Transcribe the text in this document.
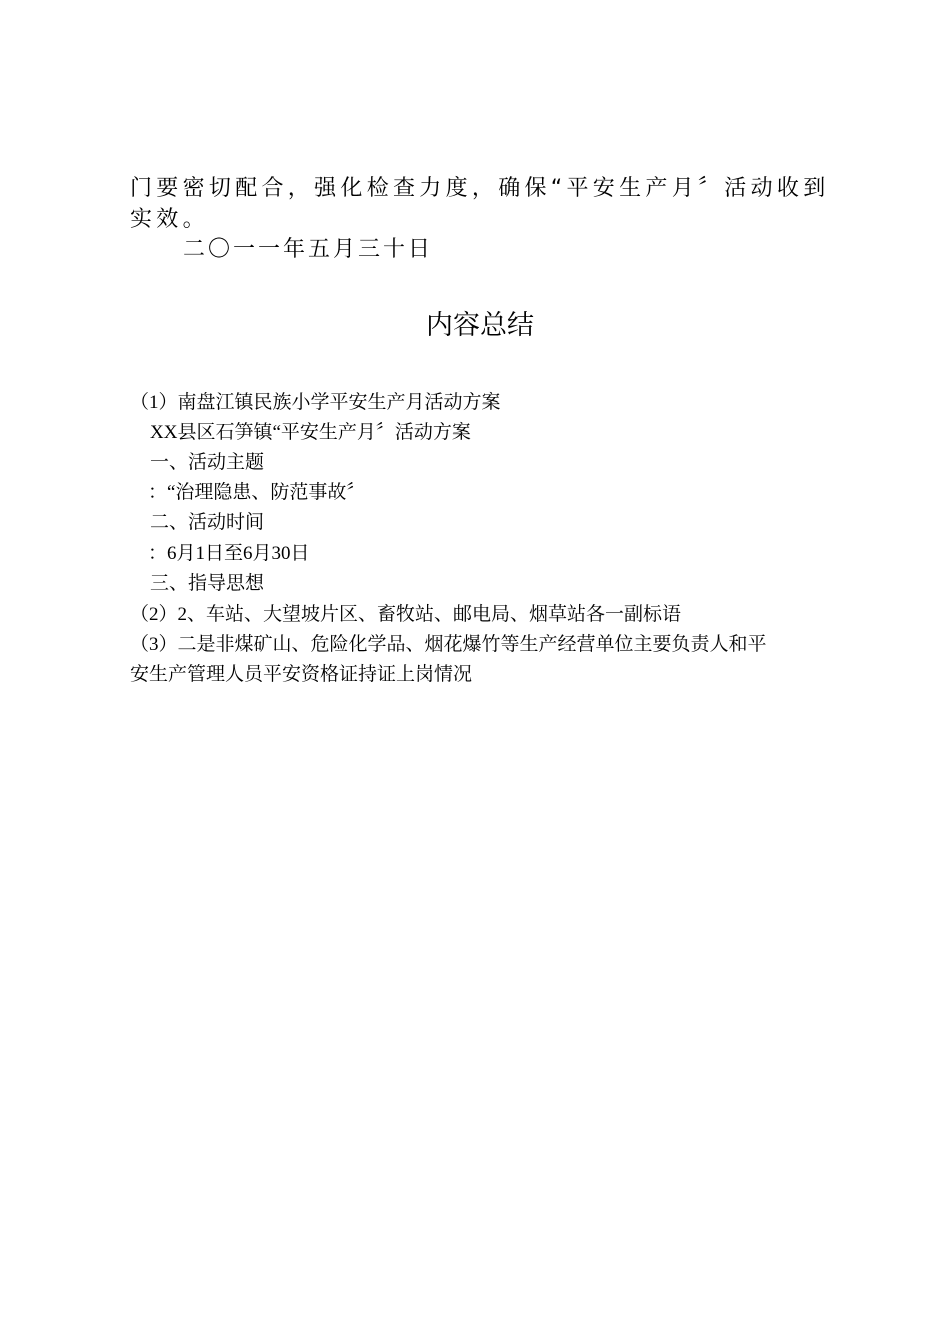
门要密切配合，强化检查力度，确保“平安生产月〞活动收到
实效。
二〇一一年五月三十日
内容总结
（1）南盘江镇民族小学平安生产月活动方案
XX县区石笋镇“平安生产月〞活动方案
一、活动主题
：“治理隐患、防范事故〞
二、活动时间
：6月1日至6月30日
三、指导思想
（2）2、车站、大望坡片区、畜牧站、邮电局、烟草站各一副标语
（3）二是非煤矿山、危险化学品、烟花爆竹等生产经营单位主要负责人和平
安生产管理人员平安资格证持证上岗情况
